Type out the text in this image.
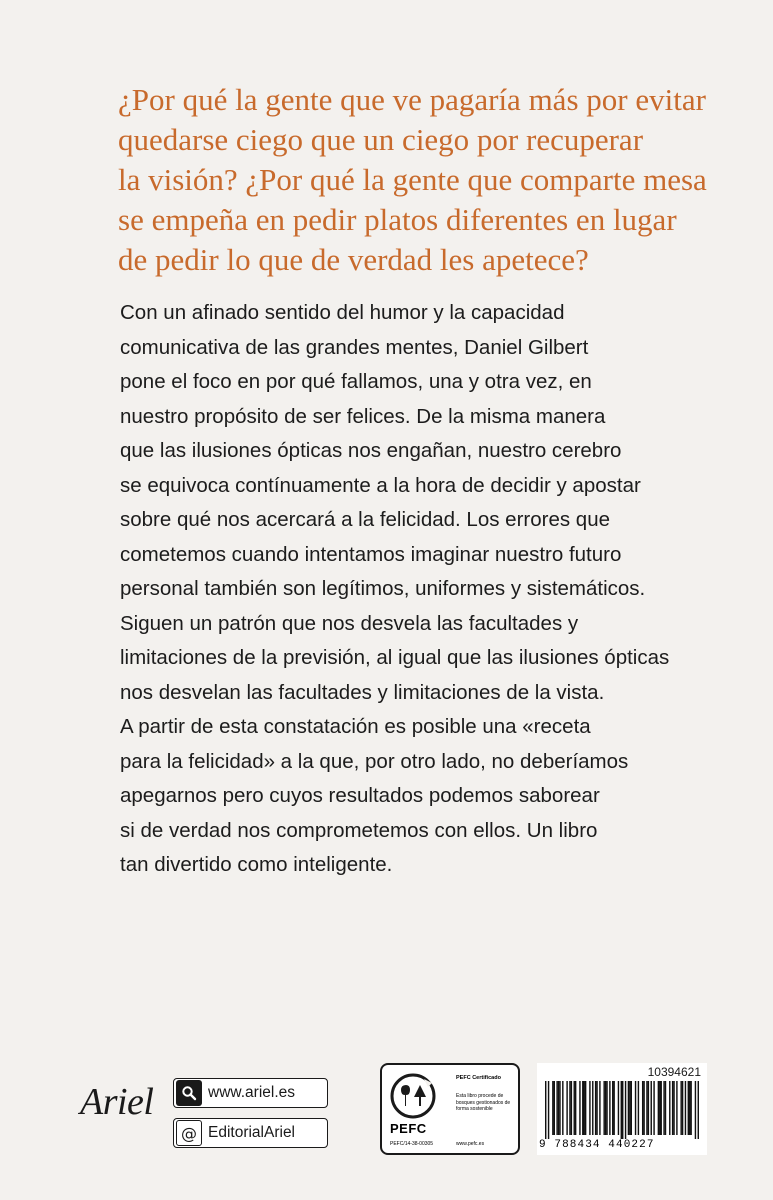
¿Por qué la gente que ve pagaría más por evitar
quedarse ciego que un ciego por recuperar
la visión? ¿Por qué la gente que comparte mesa
se empeña en pedir platos diferentes en lugar
de pedir lo que de verdad les apetece?
Con un afinado sentido del humor y la capacidad
comunicativa de las grandes mentes, Daniel Gilbert
pone el foco en por qué fallamos, una y otra vez, en
nuestro propósito de ser felices. De la misma manera
que las ilusiones ópticas nos engañan, nuestro cerebro
se equivoca contínuamente a la hora de decidir y apostar
sobre qué nos acercará a la felicidad. Los errores que
cometemos cuando intentamos imaginar nuestro futuro
personal también son legítimos, uniformes y sistemáticos.
Siguen un patrón que nos desvela las facultades y
limitaciones de la previsión, al igual que las ilusiones ópticas
nos desvelan las facultades y limitaciones de la vista.
A partir de esta constatación es posible una «receta
para la felicidad» a la que, por otro lado, no deberíamos
apegarnos pero cuyos resultados podemos saborear
si de verdad nos comprometemos con ellos. Un libro
tan divertido como inteligente.
Ariel	www.ariel.es
@ EditorialAriel	PEFC
PEFC Certificado
Esta libro procede de bosques gestionados de forma sostenible
PEFC/14-38-00305	www.pefc.es
10394621
9 788434 440227
